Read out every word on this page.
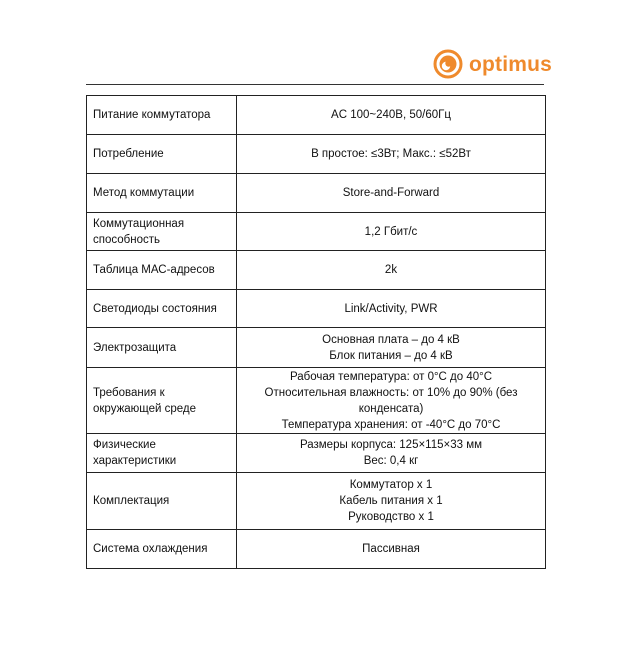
optimus
Питание коммутатора	AC 100~240В, 50/60Гц

Потребление	В простое: ≤3Вт; Макс.: ≤52Вт

Метод коммутации	Store-and-Forward

Коммутационная способность	1,2 Гбит/с

Таблица МАС-адресов	2k

Светодиоды состояния	Link/Activity, PWR

Электрозащита	Основная плата – до 4 кВ
Блок питания – до 4 кВ

Требования к окружающей среде	Рабочая температура: от 0°С до 40°С
Относительная влажность: от 10% до 90% (без
конденсата)
Температура хранения: от -40°С до 70°С

Физические характеристики	Размеры корпуса: 125×115×33 мм
Вес: 0,4 кг

Комплектация	Коммутатор х 1
Кабель питания х 1
Руководство х 1

Система охлаждения	Пассивная
